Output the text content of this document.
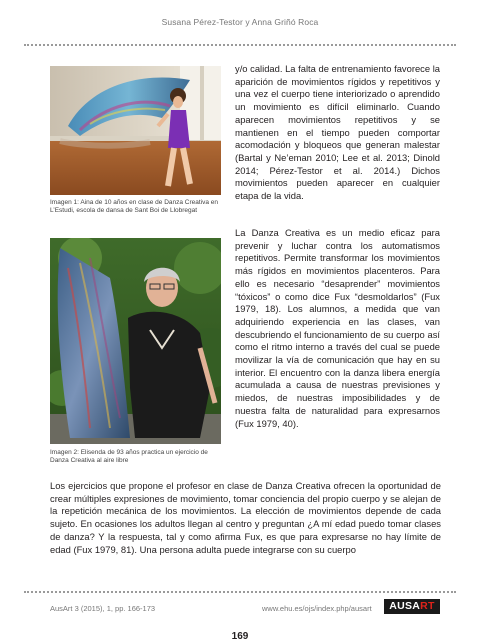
Susana Pérez-Testor y Anna Griñó Roca
Imagen 1: Aina de 10 años en clase de Danza Creativa en L’Estudi, escola de dansa de Sant Boi de Llobregat
Imagen 2: Elisenda de 93 años practica un ejercicio de Danza Creativa al aire libre

y/o calidad. La falta de entrenamiento favorece la aparición de movimientos rígidos y repetitivos y una vez el cuerpo tiene interiorizado o aprendido un movimiento es difícil eliminarlo. Cuando aparecen movimientos repetitivos y se mantienen en el tiempo pueden comportar acomodación y bloqueos que generan malestar (Bartal y Ne’eman 2010; Lee et al. 2013; Dinold 2014; Pérez-Testor et al. 2014.) Dichos movimientos pueden aparecer en cualquier etapa de la vida.

La Danza Creativa es un medio eficaz para prevenir y luchar contra los automatismos repetitivos. Permite transformar los movimientos más rígidos en movimientos placenteros. Para ello es necesario “desaprender” movimientos “tóxicos” o como dice Fux “desmoldarlos” (Fux 1979, 18). Los alumnos, a medida que van adquiriendo experiencia en las clases, van descubriendo el funcionamiento de su cuerpo así como el ritmo interno a través del cual se puede movilizar la vía de comunicación que hay en su interior. El encuentro con la danza libera energía acumulada a causa de nuestras previsiones y miedos, de nuestras imposibilidades y de nuestra falta de naturalidad para expresarnos (Fux 1979, 40).

Los ejercicios que propone el profesor en clase de Danza Creativa ofrecen la oportunidad de crear múltiples expresiones de movimiento, tomar conciencia del propio cuerpo y se alejan de la repetición mecánica de los movimientos. La elección de movimientos depende de cada sujeto. En ocasiones los adultos llegan al centro y preguntan ¿A mí edad puedo tomar clases de danza? Y la respuesta, tal y como afirma Fux, es que para expresarse no hay límite de edad (Fux 1979, 81). Una persona adulta puede integrarse con su cuerpo

AusArt 3 (2015), 1, pp. 166-173	www.ehu.es/ojs/index.php/ausart	AUSART
169
